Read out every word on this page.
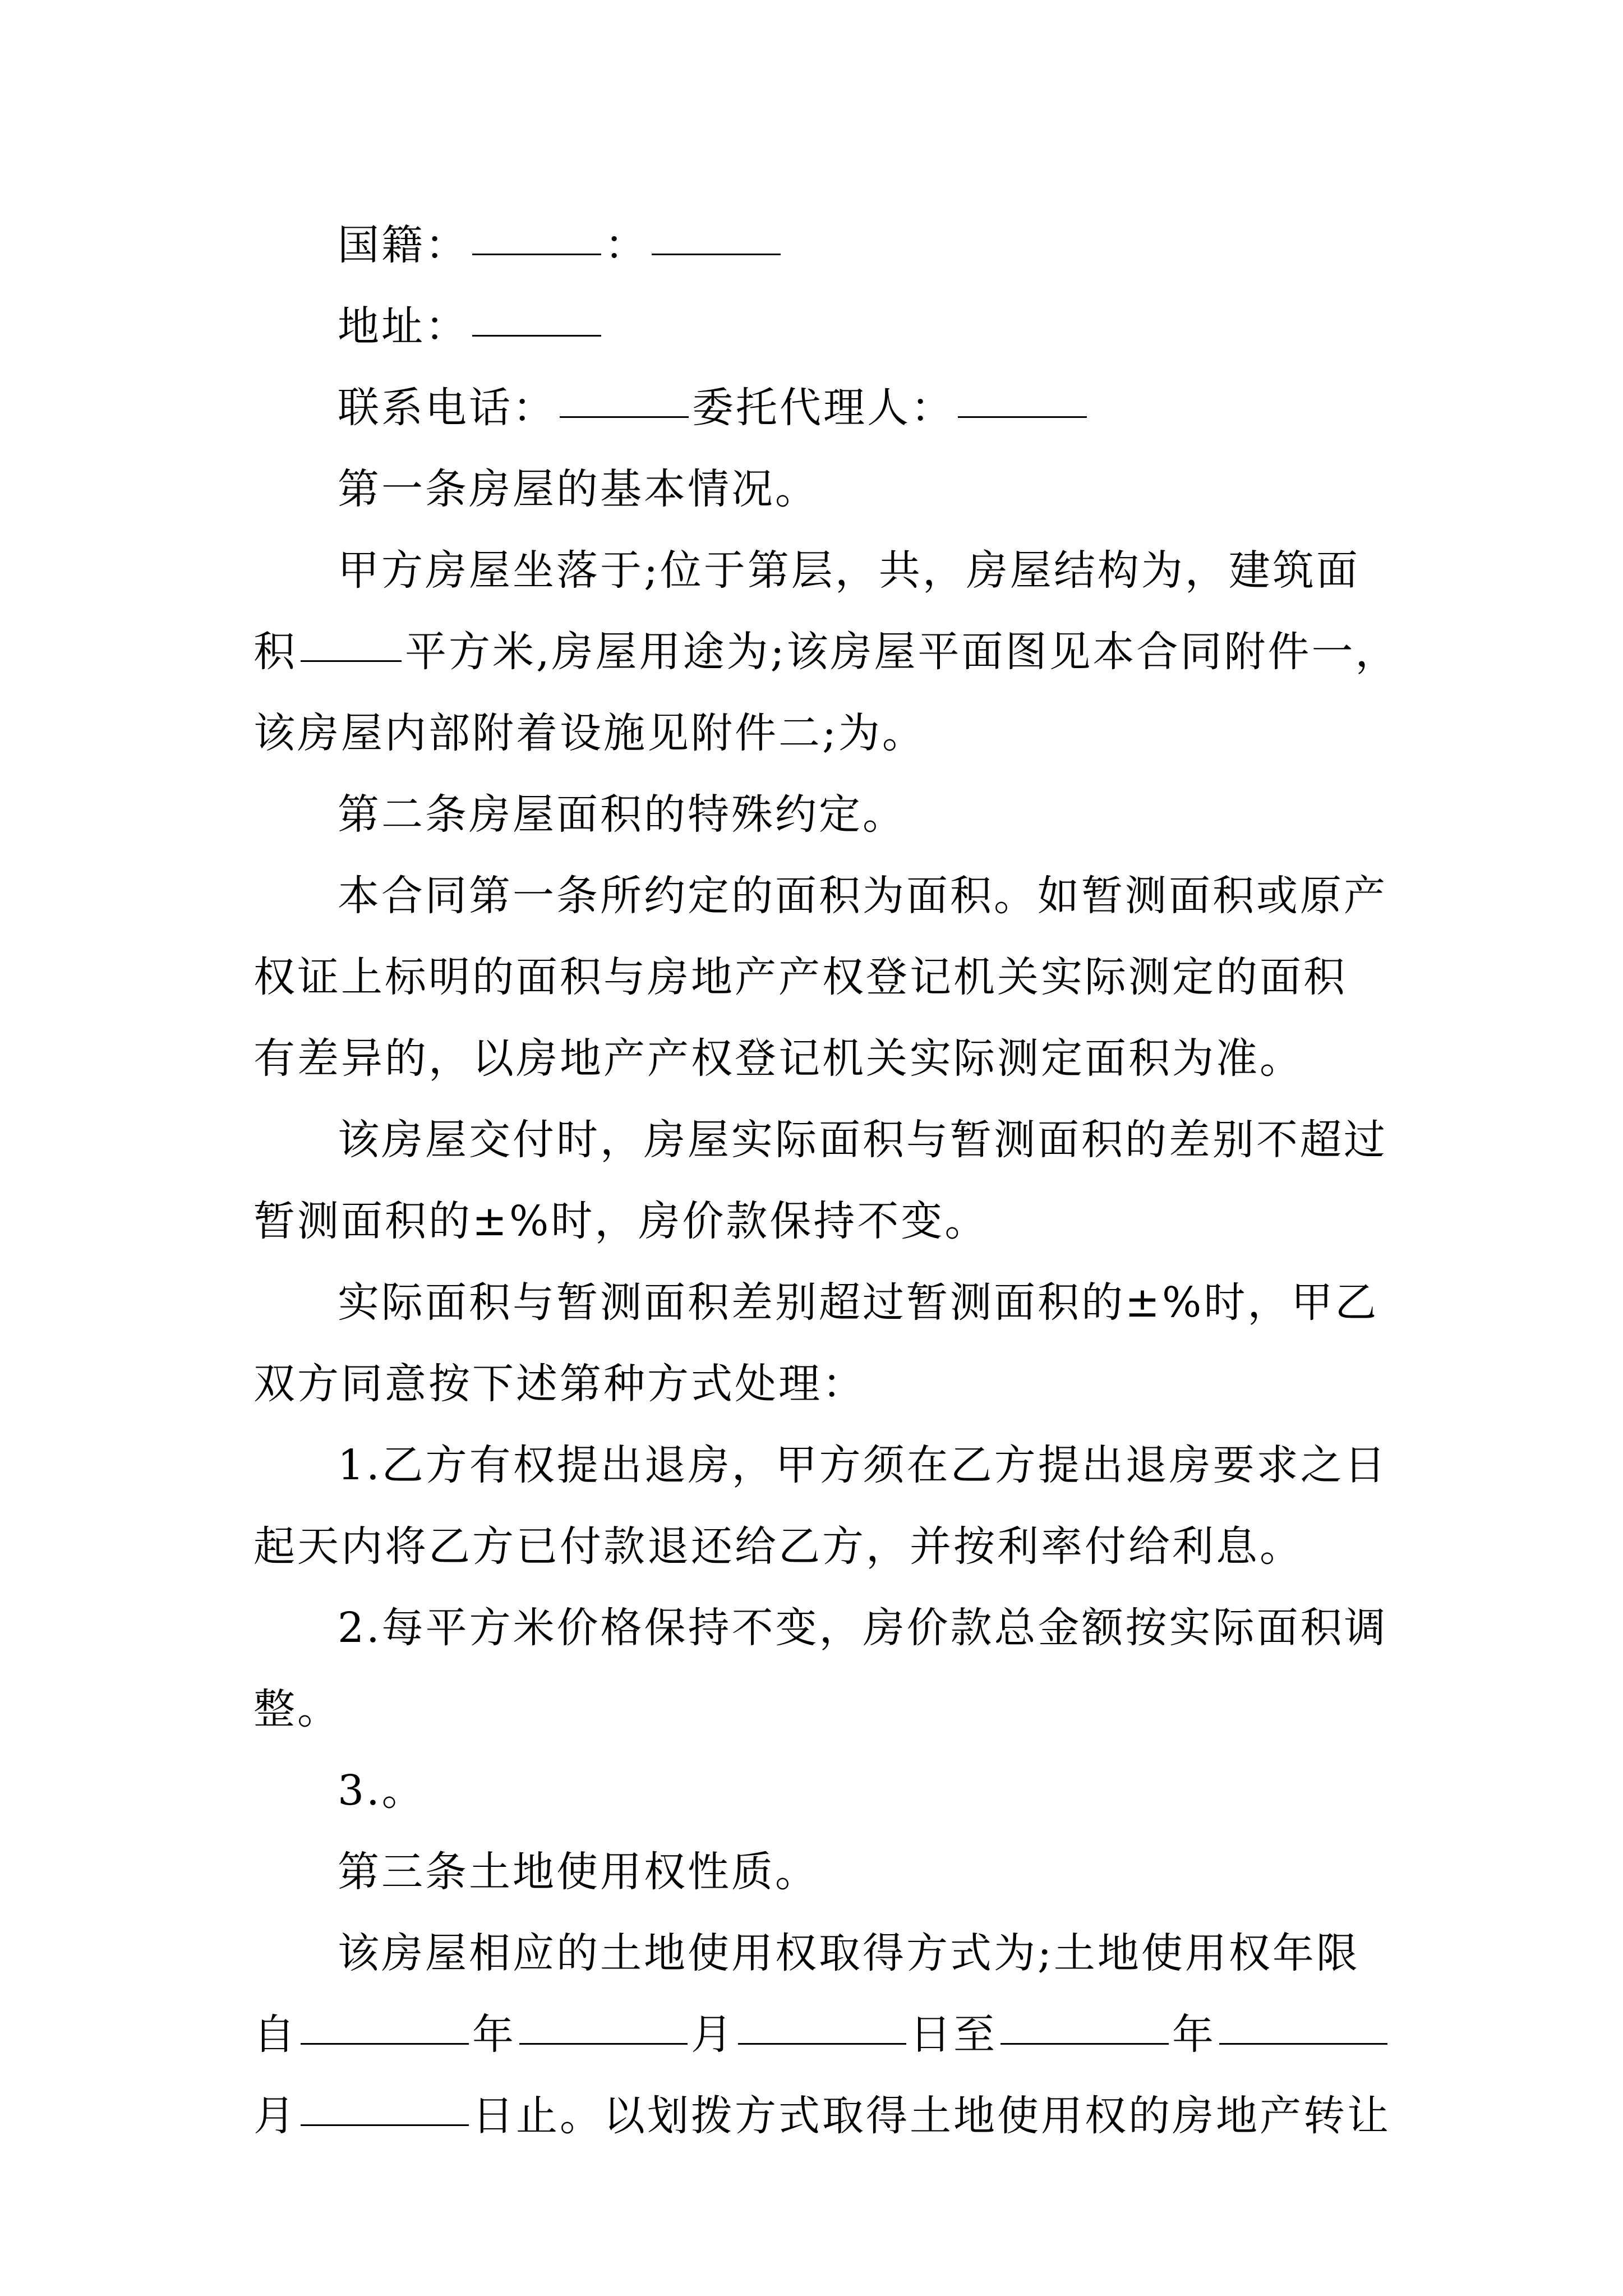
国籍：	：
地址：
联系电话：	委托代理人：
第一条房屋的基本情况。
甲方房屋坐落于;位于第层，共，房屋结构为，建筑面
积	平方米,房屋用途为;该房屋平面图见本合同附件一，
该房屋内部附着设施见附件二;为。
第二条房屋面积的特殊约定。
本合同第一条所约定的面积为面积。如暂测面积或原产
权证上标明的面积与房地产产权登记机关实际测定的面积
有差异的，以房地产产权登记机关实际测定面积为准。
该房屋交付时，房屋实际面积与暂测面积的差别不超过
暂测面积的±%时，房价款保持不变。
实际面积与暂测面积差别超过暂测面积的±%时，甲乙
双方同意按下述第种方式处理：
1.乙方有权提出退房，甲方须在乙方提出退房要求之日
起天内将乙方已付款退还给乙方，并按利率付给利息。
2.每平方米价格保持不变，房价款总金额按实际面积调
整。
3.。
第三条土地使用权性质。
该房屋相应的土地使用权取得方式为;土地使用权年限
自	年	月	日至	年
月	日止。以划拨方式取得土地使用权的房地产转让
